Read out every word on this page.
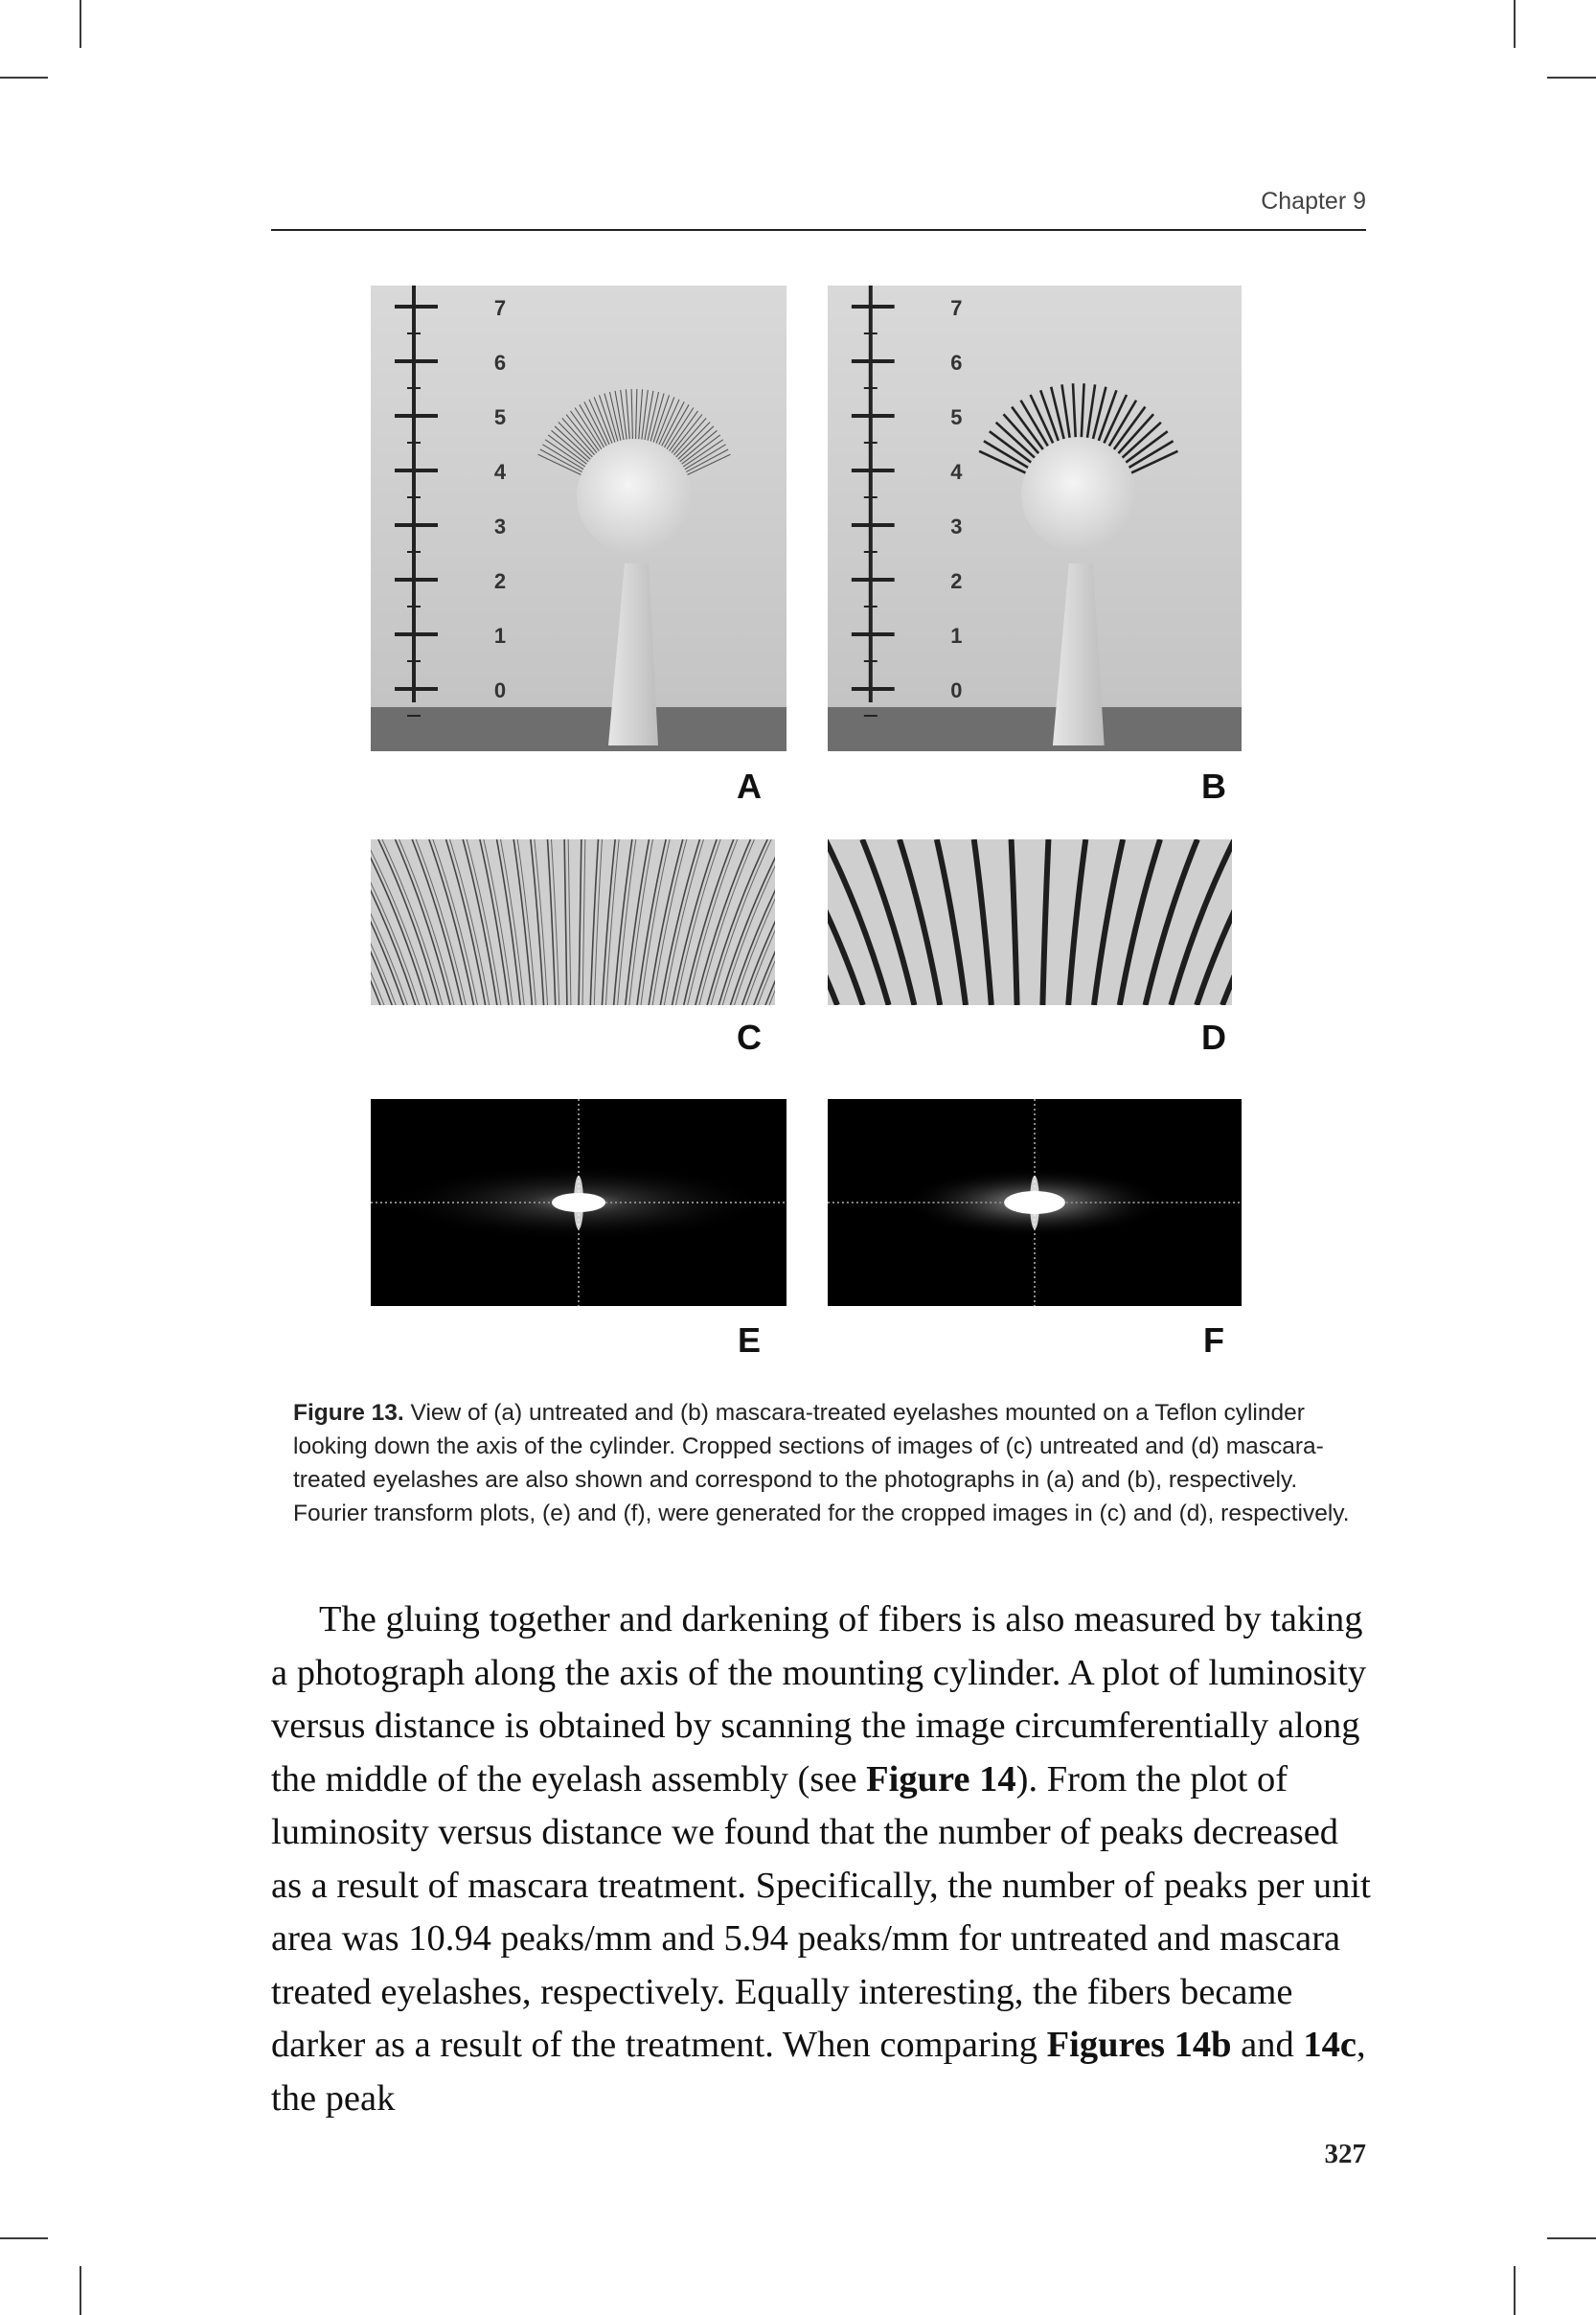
Chapter 9
7
6
5
4
3
2
1
0
7
6
5
4
3
2
1
0
A	B
C	D
E	F
Figure 13. View of (a) untreated and (b) mascara-treated eyelashes mounted on a Teflon cylinder looking down the axis of the cylinder. Cropped sections of images of (c) untreated and (d) mascara-treated eyelashes are also shown and correspond to the photographs in (a) and (b), respectively. Fourier transform plots, (e) and (f), were generated for the cropped images in (c) and (d), respectively.

The gluing together and darkening of fibers is also measured by taking a photograph along the axis of the mounting cylinder. A plot of luminosity versus distance is obtained by scanning the image circumferentially along the middle of the eyelash assembly (see Figure 14). From the plot of luminosity versus distance we found that the number of peaks decreased as a result of mascara treatment. Specifically, the number of peaks per unit area was 10.94 peaks/mm and 5.94 peaks/mm for untreated and mascara treated eyelashes, respectively. Equally interesting, the fibers became darker as a result of the treatment. When comparing Figures 14b and 14c, the peak

327
